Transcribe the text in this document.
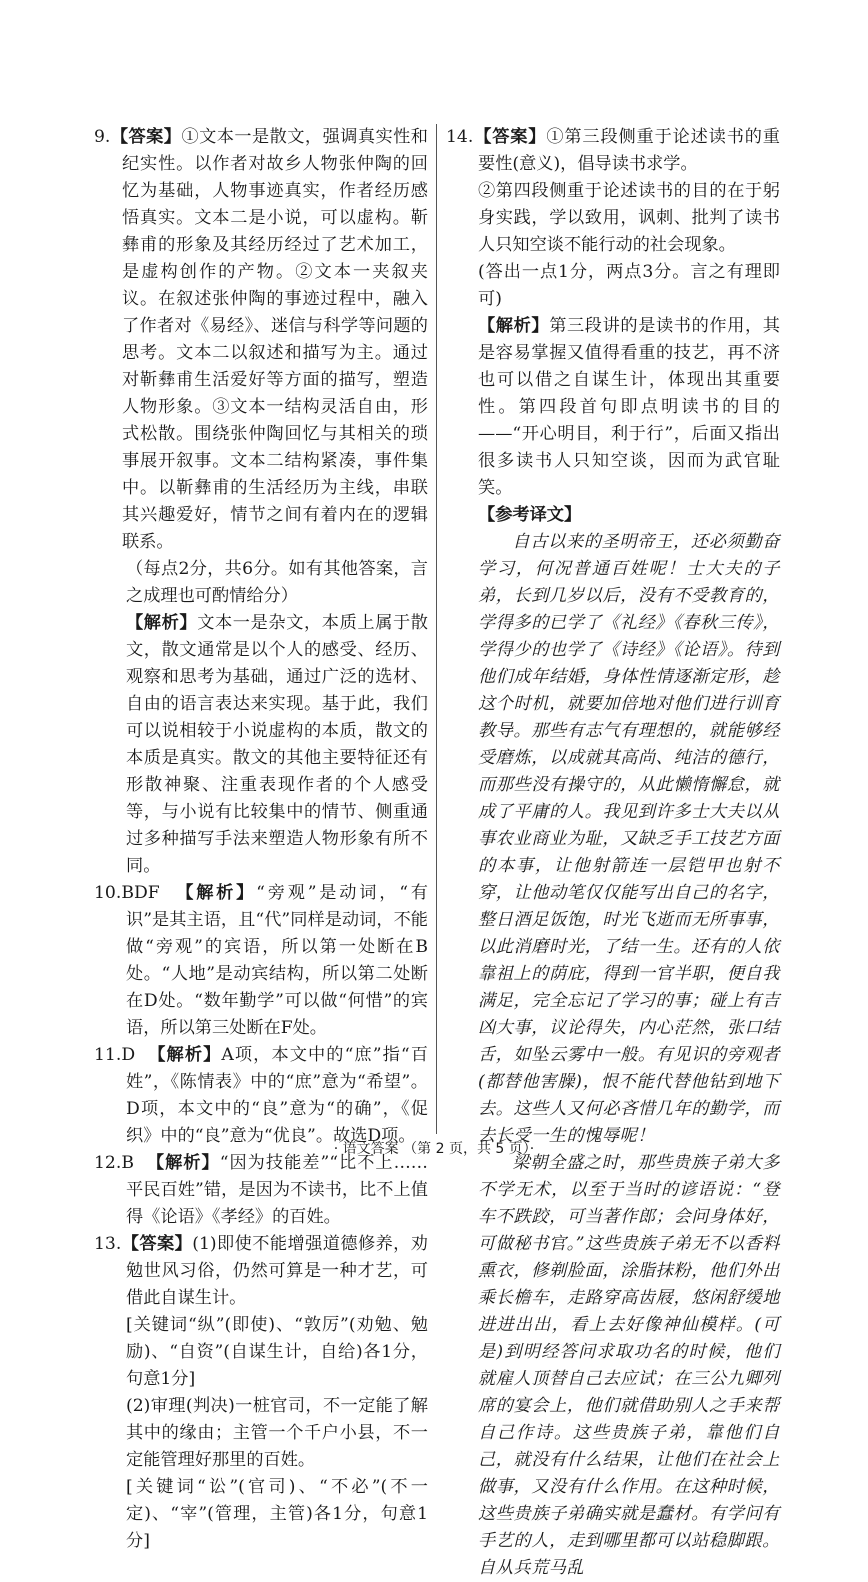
9.【答案】①文本一是散文，强调真实性和纪实性。以作者对故乡人物张仲陶的回忆为基础，人物事迹真实，作者经历感悟真实。文本二是小说，可以虚构。靳彝甫的形象及其经历经过了艺术加工，是虚构创作的产物。②文本一夹叙夹议。在叙述张仲陶的事迹过程中，融入了作者对《易经》、迷信与科学等问题的思考。文本二以叙述和描写为主。通过对靳彝甫生活爱好等方面的描写，塑造人物形象。③文本一结构灵活自由，形式松散。围绕张仲陶回忆与其相关的琐事展开叙事。文本二结构紧凑，事件集中。以靳彝甫的生活经历为主线，串联其兴趣爱好，情节之间有着内在的逻辑联系。

（每点2分，共6分。如有其他答案，言之成理也可酌情给分）

【解析】文本一是杂文，本质上属于散文，散文通常是以个人的感受、经历、观察和思考为基础，通过广泛的选材、自由的语言表达来实现。基于此，我们可以说相较于小说虚构的本质，散文的本质是真实。散文的其他主要特征还有形散神聚、注重表现作者的个人感受等，与小说有比较集中的情节、侧重通过多种描写手法来塑造人物形象有所不同。

10.BDF 【解析】“旁观”是动词，“有识”是其主语，且“代”同样是动词，不能做“旁观”的宾语，所以第一处断在B处。“人地”是动宾结构，所以第二处断在D处。“数年勤学”可以做“何惜”的宾语，所以第三处断在F处。

11.D 【解析】A项，本文中的“庶”指“百姓”，《陈情表》中的“庶”意为“希望”。D项，本文中的“良”意为“的确”，《促织》中的“良”意为“优良”。故选D项。

12.B 【解析】“因为技能差”“比不上……平民百姓”错，是因为不读书，比不上值得《论语》《孝经》的百姓。

13.【答案】(1)即使不能增强道德修养，劝勉世风习俗，仍然可算是一种才艺，可借此自谋生计。

[关键词“纵”(即使)、“敦厉”(劝勉、勉励)、“自资”(自谋生计，自给)各1分，句意1分]

(2)审理(判决)一桩官司，不一定能了解其中的缘由；主管一个千户小县，不一定能管理好那里的百姓。

[关键词“讼”(官司)、“不必”(不一定)、“宰”(管理，主管)各1分，句意1分]

14.【答案】①第三段侧重于论述读书的重要性(意义)，倡导读书求学。

②第四段侧重于论述读书的目的在于躬身实践，学以致用，讽刺、批判了读书人只知空谈不能行动的社会现象。

(答出一点1分，两点3分。言之有理即可)

【解析】第三段讲的是读书的作用，其是容易掌握又值得看重的技艺，再不济也可以借之自谋生计，体现出其重要性。第四段首句即点明读书的目的——“开心明目，利于行”，后面又指出很多读书人只知空谈，因而为武官耻笑。

【参考译文】

自古以来的圣明帝王，还必须勤奋学习，何况普通百姓呢！士大夫的子弟，长到几岁以后，没有不受教育的，学得多的已学了《礼经》《春秋三传》，学得少的也学了《诗经》《论语》。待到他们成年结婚，身体性情逐渐定形，趁这个时机，就要加倍地对他们进行训育教导。那些有志气有理想的，就能够经受磨炼，以成就其高尚、纯洁的德行，而那些没有操守的，从此懒惰懈怠，就成了平庸的人。我见到许多士大夫以从事农业商业为耻，又缺乏手工技艺方面的本事，让他射箭连一层铠甲也射不穿，让他动笔仅仅能写出自己的名字，整日酒足饭饱，时光飞逝而无所事事，以此消磨时光，了结一生。还有的人依靠祖上的荫庇，得到一官半职，便自我满足，完全忘记了学习的事；碰上有吉凶大事，议论得失，内心茫然，张口结舌，如坠云雾中一般。有见识的旁观者(都替他害臊)，恨不能代替他钻到地下去。这些人又何必吝惜几年的勤学，而去长受一生的愧辱呢！

梁朝全盛之时，那些贵族子弟大多不学无术，以至于当时的谚语说：“登车不跌跤，可当著作郎；会问身体好，可做秘书官。”这些贵族子弟无不以香料熏衣，修剃脸面，涂脂抹粉，他们外出乘长檐车，走路穿高齿屐，悠闲舒缓地进进出出，看上去好像神仙模样。(可是)到明经答问求取功名的时候，他们就雇人顶替自己去应试；在三公九卿列席的宴会上，他们就借助别人之手来帮自己作诗。这些贵族子弟，靠他们自己，就没有什么结果，让他们在社会上做事，又没有什么作用。在这种时候，这些贵族子弟确实就是蠢材。有学问有手艺的人，走到哪里都可以站稳脚跟。自从兵荒马乱

· 语文答案 （第 2 页，共 5 页）·
